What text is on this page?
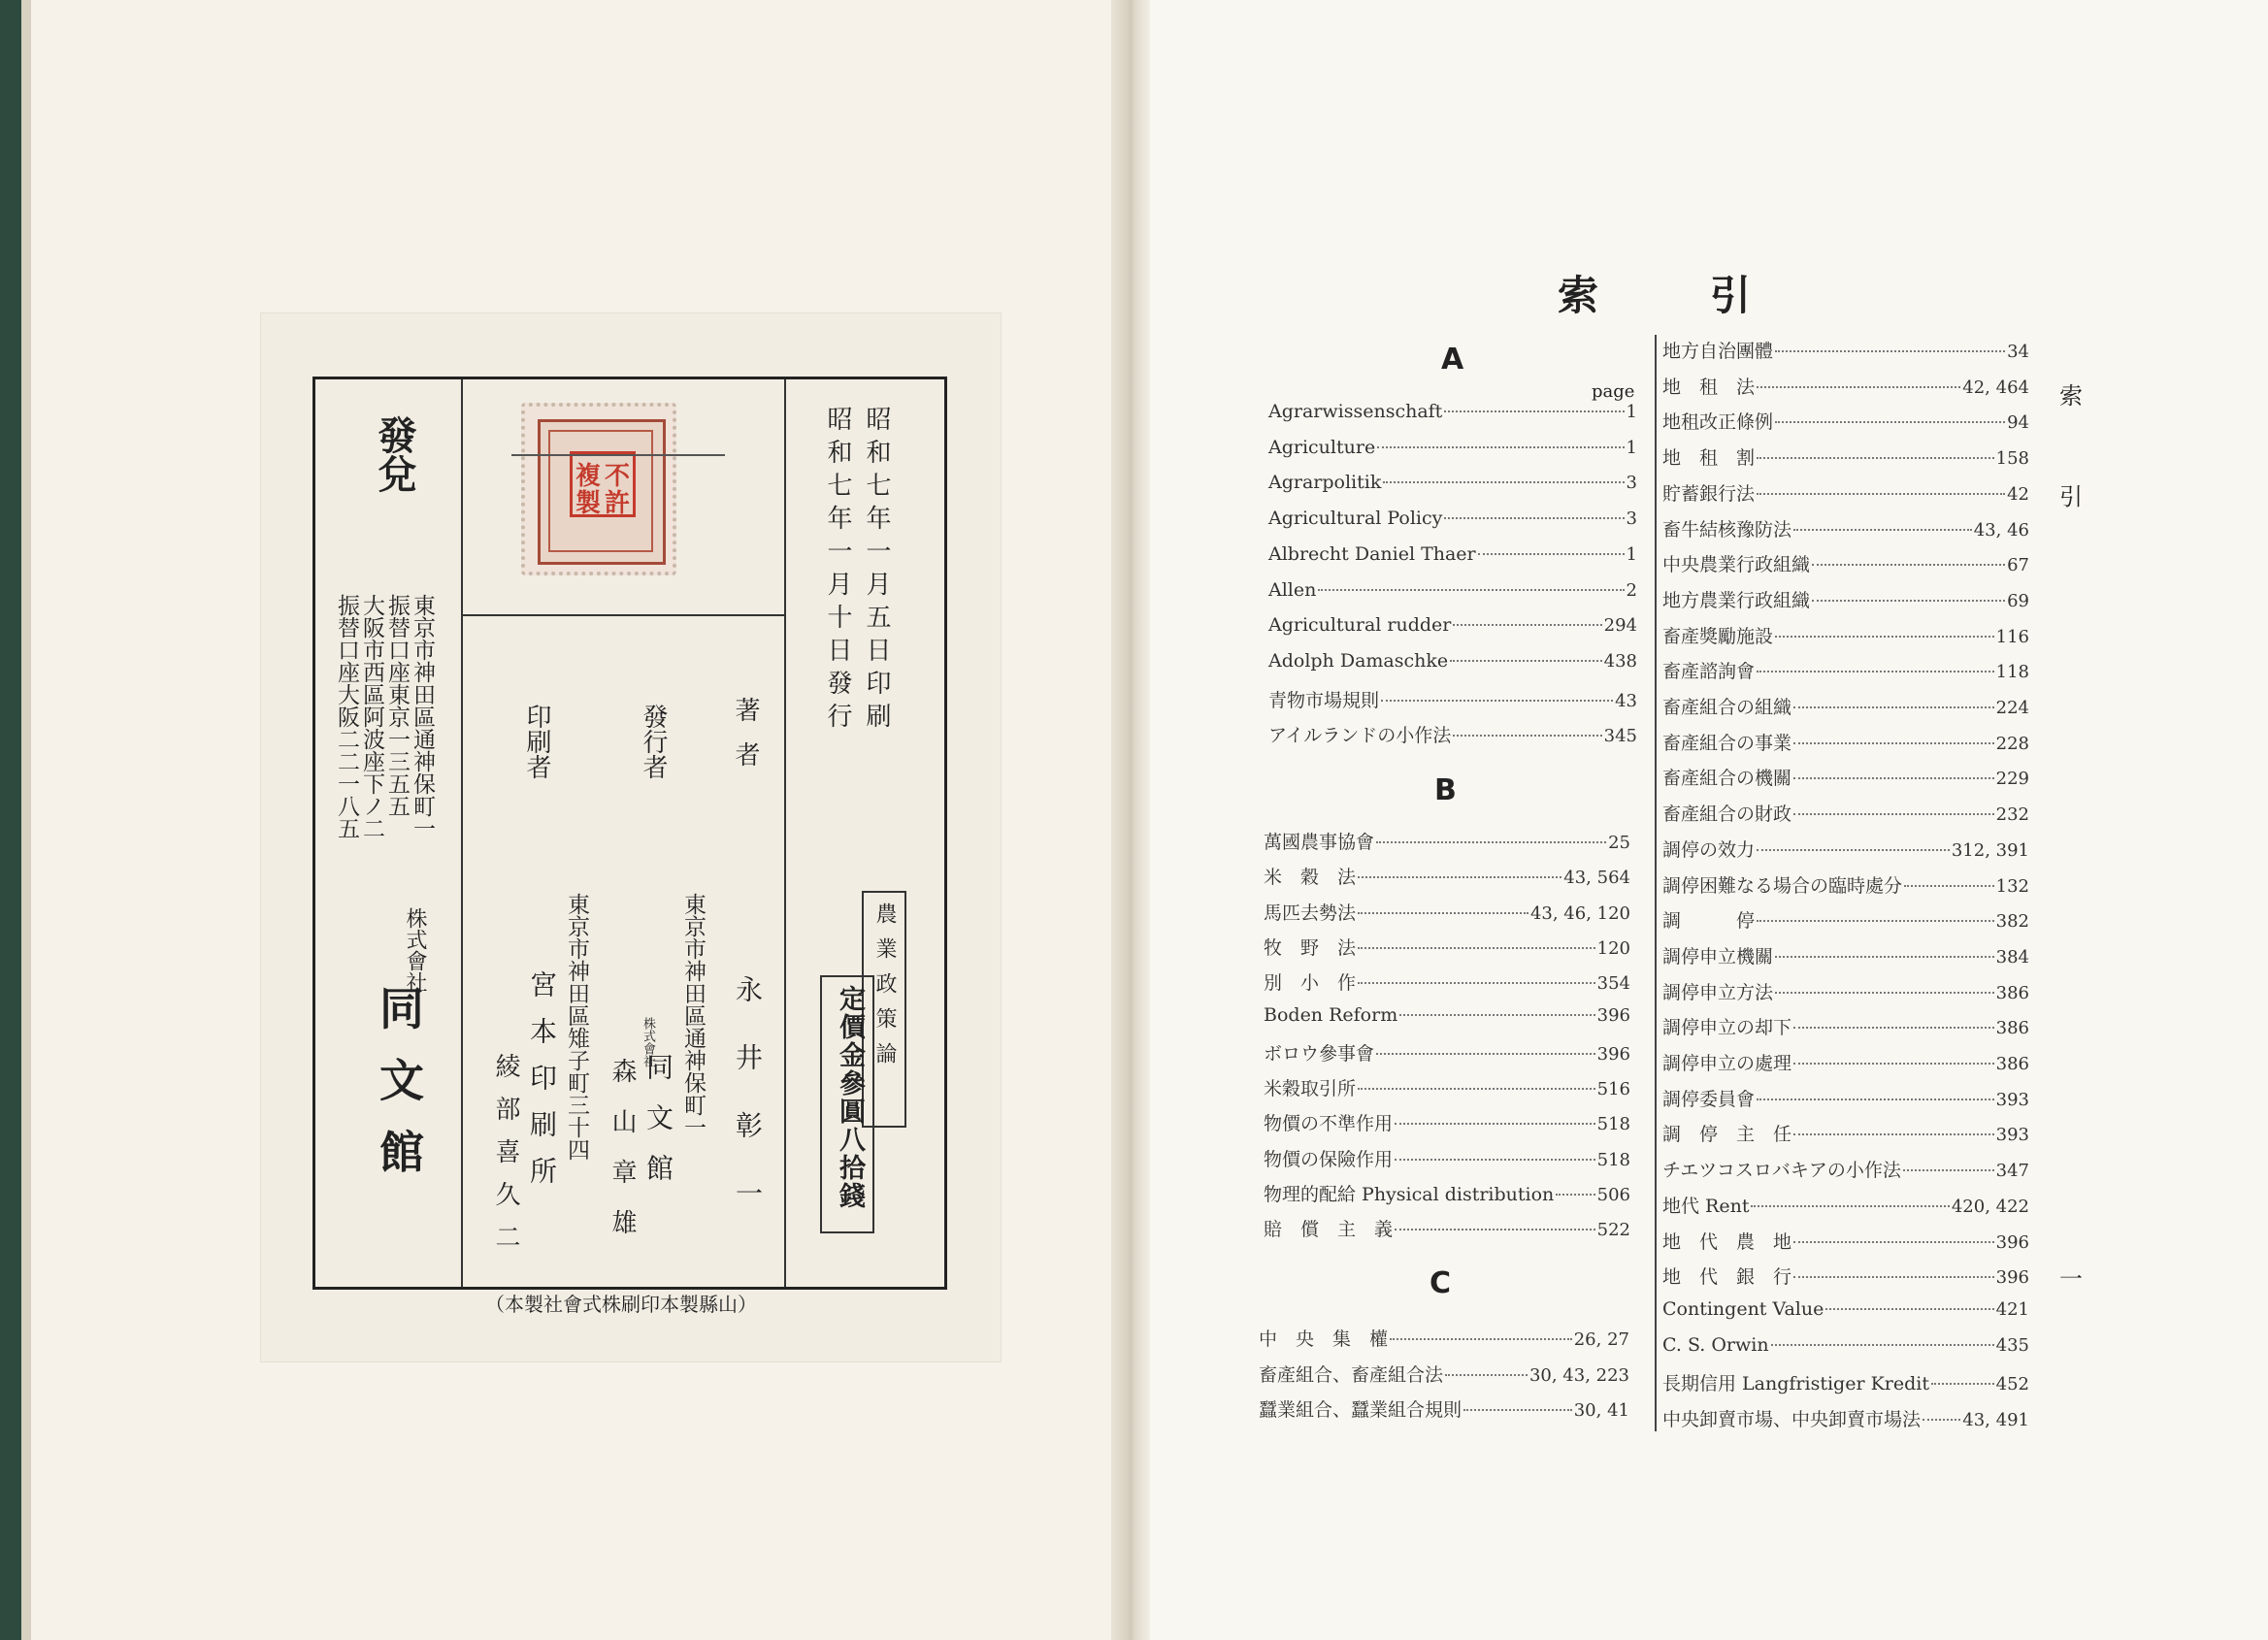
發兌
東京市神田區通神保町一
振替口座東京一三五五
大阪市西區阿波座下ノ二
振替口座大阪二二一八五
株式會社
同文館
不
許
複
製	昭和七年一月五日印刷
昭和七年一月十日發行
農業政策論
定價金參圓八拾錢
著者
永井彰一
發行者
東京市神田區通神保町一
株式會社
同文館
森山章雄
印刷者
東京市神田區雉子町三十四
宮本印刷所
綾部喜久二
（本製社會式株刷印本製縣山）
索	引
索
引
一
A
page
B
C
Agrarwissenschaft	1
Agriculture	1
Agrarpolitik	3
Agricultural Policy	3
Albrecht Daniel Thaer	1
Allen	2
Agricultural rudder	294
Adolph Damaschke	438
青物市場規則	43
アイルランドの小作法	345
萬國農事協會	25
米　穀　法	43, 564
馬匹去勢法	43, 46, 120
牧　野　法	120
別　小　作	354
Boden Reform	396
ボロウ參事會	396
米穀取引所	516
物價の不準作用	518
物價の保險作用	518
物理的配給 Physical distribution 506
賠　償　主　義	522
中　央　集　權	26, 27
畜產組合、畜產組合法	30, 43, 223
蠶業組合、蠶業組合規則	30, 41
地方自治團體	34
地　租　法	42, 464
地租改正條例	94
地　租　割	158
貯蓄銀行法	42
畜牛結核豫防法	43, 46
中央農業行政組織	67
地方農業行政組織	69
畜產獎勵施設	116
畜產諮詢會	118
畜產組合の組織	224
畜產組合の事業	228
畜產組合の機關	229
畜產組合の財政	232
調停の效力	312, 391
調停困難なる場合の臨時處分	132
調　　　停	382
調停申立機關	384
調停申立方法	386
調停申立の却下	386
調停申立の處理	386
調停委員會	393
調　停　主　任	393
チエツコスロバキアの小作法	347
地代 Rent	420, 422
地　代　農　地	396
地　代　銀　行	396
Contingent Value	421
C. S. Orwin	435
長期信用 Langfristiger Kredit	452
中央卸賣市場、中央卸賣市場法 43, 491
